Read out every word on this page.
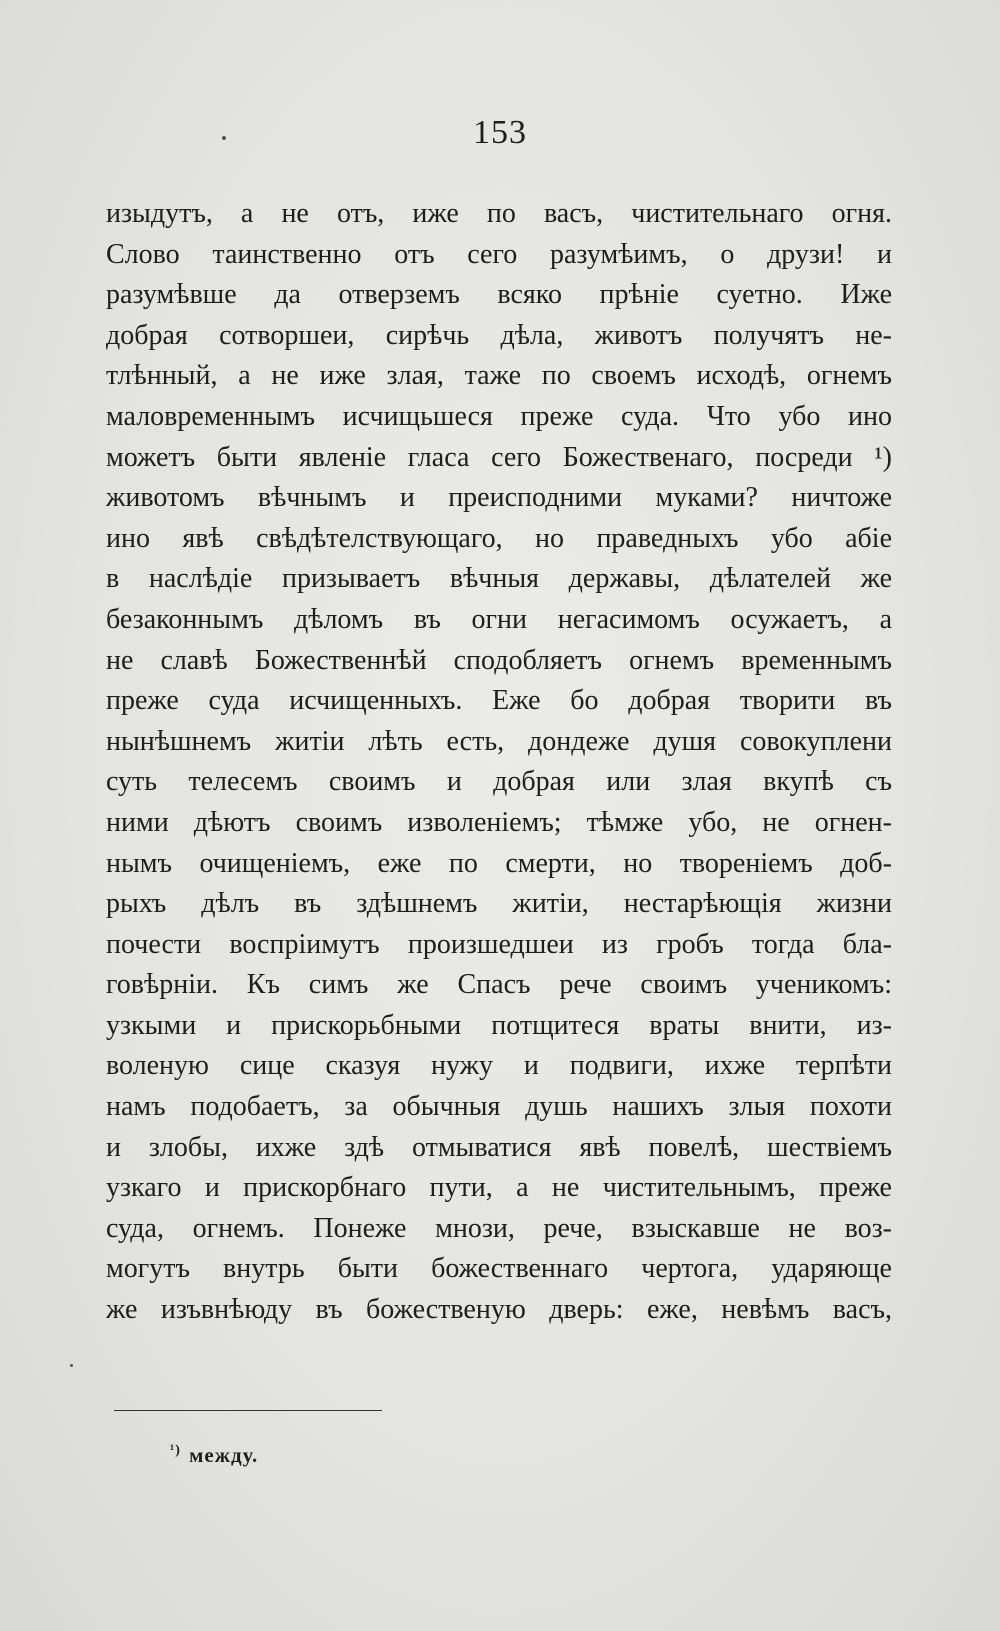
153
изыдутъ, а не отъ, иже по васъ, чистительнаго огня.
Слово таинственно отъ сего разумѣимъ, о друзи! и
разумѣвше да отверземъ всяко прѣніе суетно. Иже
добрая сотворшеи, сирѣчь дѣла, животъ получятъ не-
тлѣнный, а не иже злая, таже по своемъ исходѣ, огнемъ
маловременнымъ исчищьшеся преже суда. Что убо ино
можетъ быти явленіе гласа сего Божественаго, посреди ¹)
животомъ вѣчнымъ и преисподними муками? ничтоже
ино явѣ свѣдѣтелствующаго, но праведныхъ убо абіе
в наслѣдіе призываетъ вѣчныя державы, дѣлателей же
безаконнымъ дѣломъ въ огни негасимомъ осужаетъ, а
не славѣ Божественнѣй сподобляетъ огнемъ временнымъ
преже суда исчищенныхъ. Еже бо добрая творити въ
нынѣшнемъ житіи лѣть есть, дондеже душя совокуплени
суть телесемъ своимъ и добрая или злая вкупѣ съ
ними дѣютъ своимъ изволеніемъ; тѣмже убо, не огнен-
нымъ очищеніемъ, еже по смерти, но твореніемъ доб-
рыхъ дѣлъ въ здѣшнемъ житіи, нестарѣющія жизни
почести воспріимутъ произшедшеи из гробъ тогда бла-
говѣрніи. Къ симъ же Спасъ рече своимъ ученикомъ:
узкыми и прискорьбными потщитеся враты внити, из-
воленую сице сказуя нужу и подвиги, ихже терпѣти
намъ подобаетъ, за обычныя душь нашихъ злыя похоти
и злобы, ихже здѣ отмыватися явѣ повелѣ, шествіемъ
узкаго и прискорбнаго пути, а не чистительнымъ, преже
суда, огнемъ. Понеже мнози, рече, взыскавше не воз-
могутъ внутрь быти божественнаго чертога, ударяюще
же изъвнѣюду въ божественую дверь: еже, невѣмъ васъ,
$^{^1)}$ между.
